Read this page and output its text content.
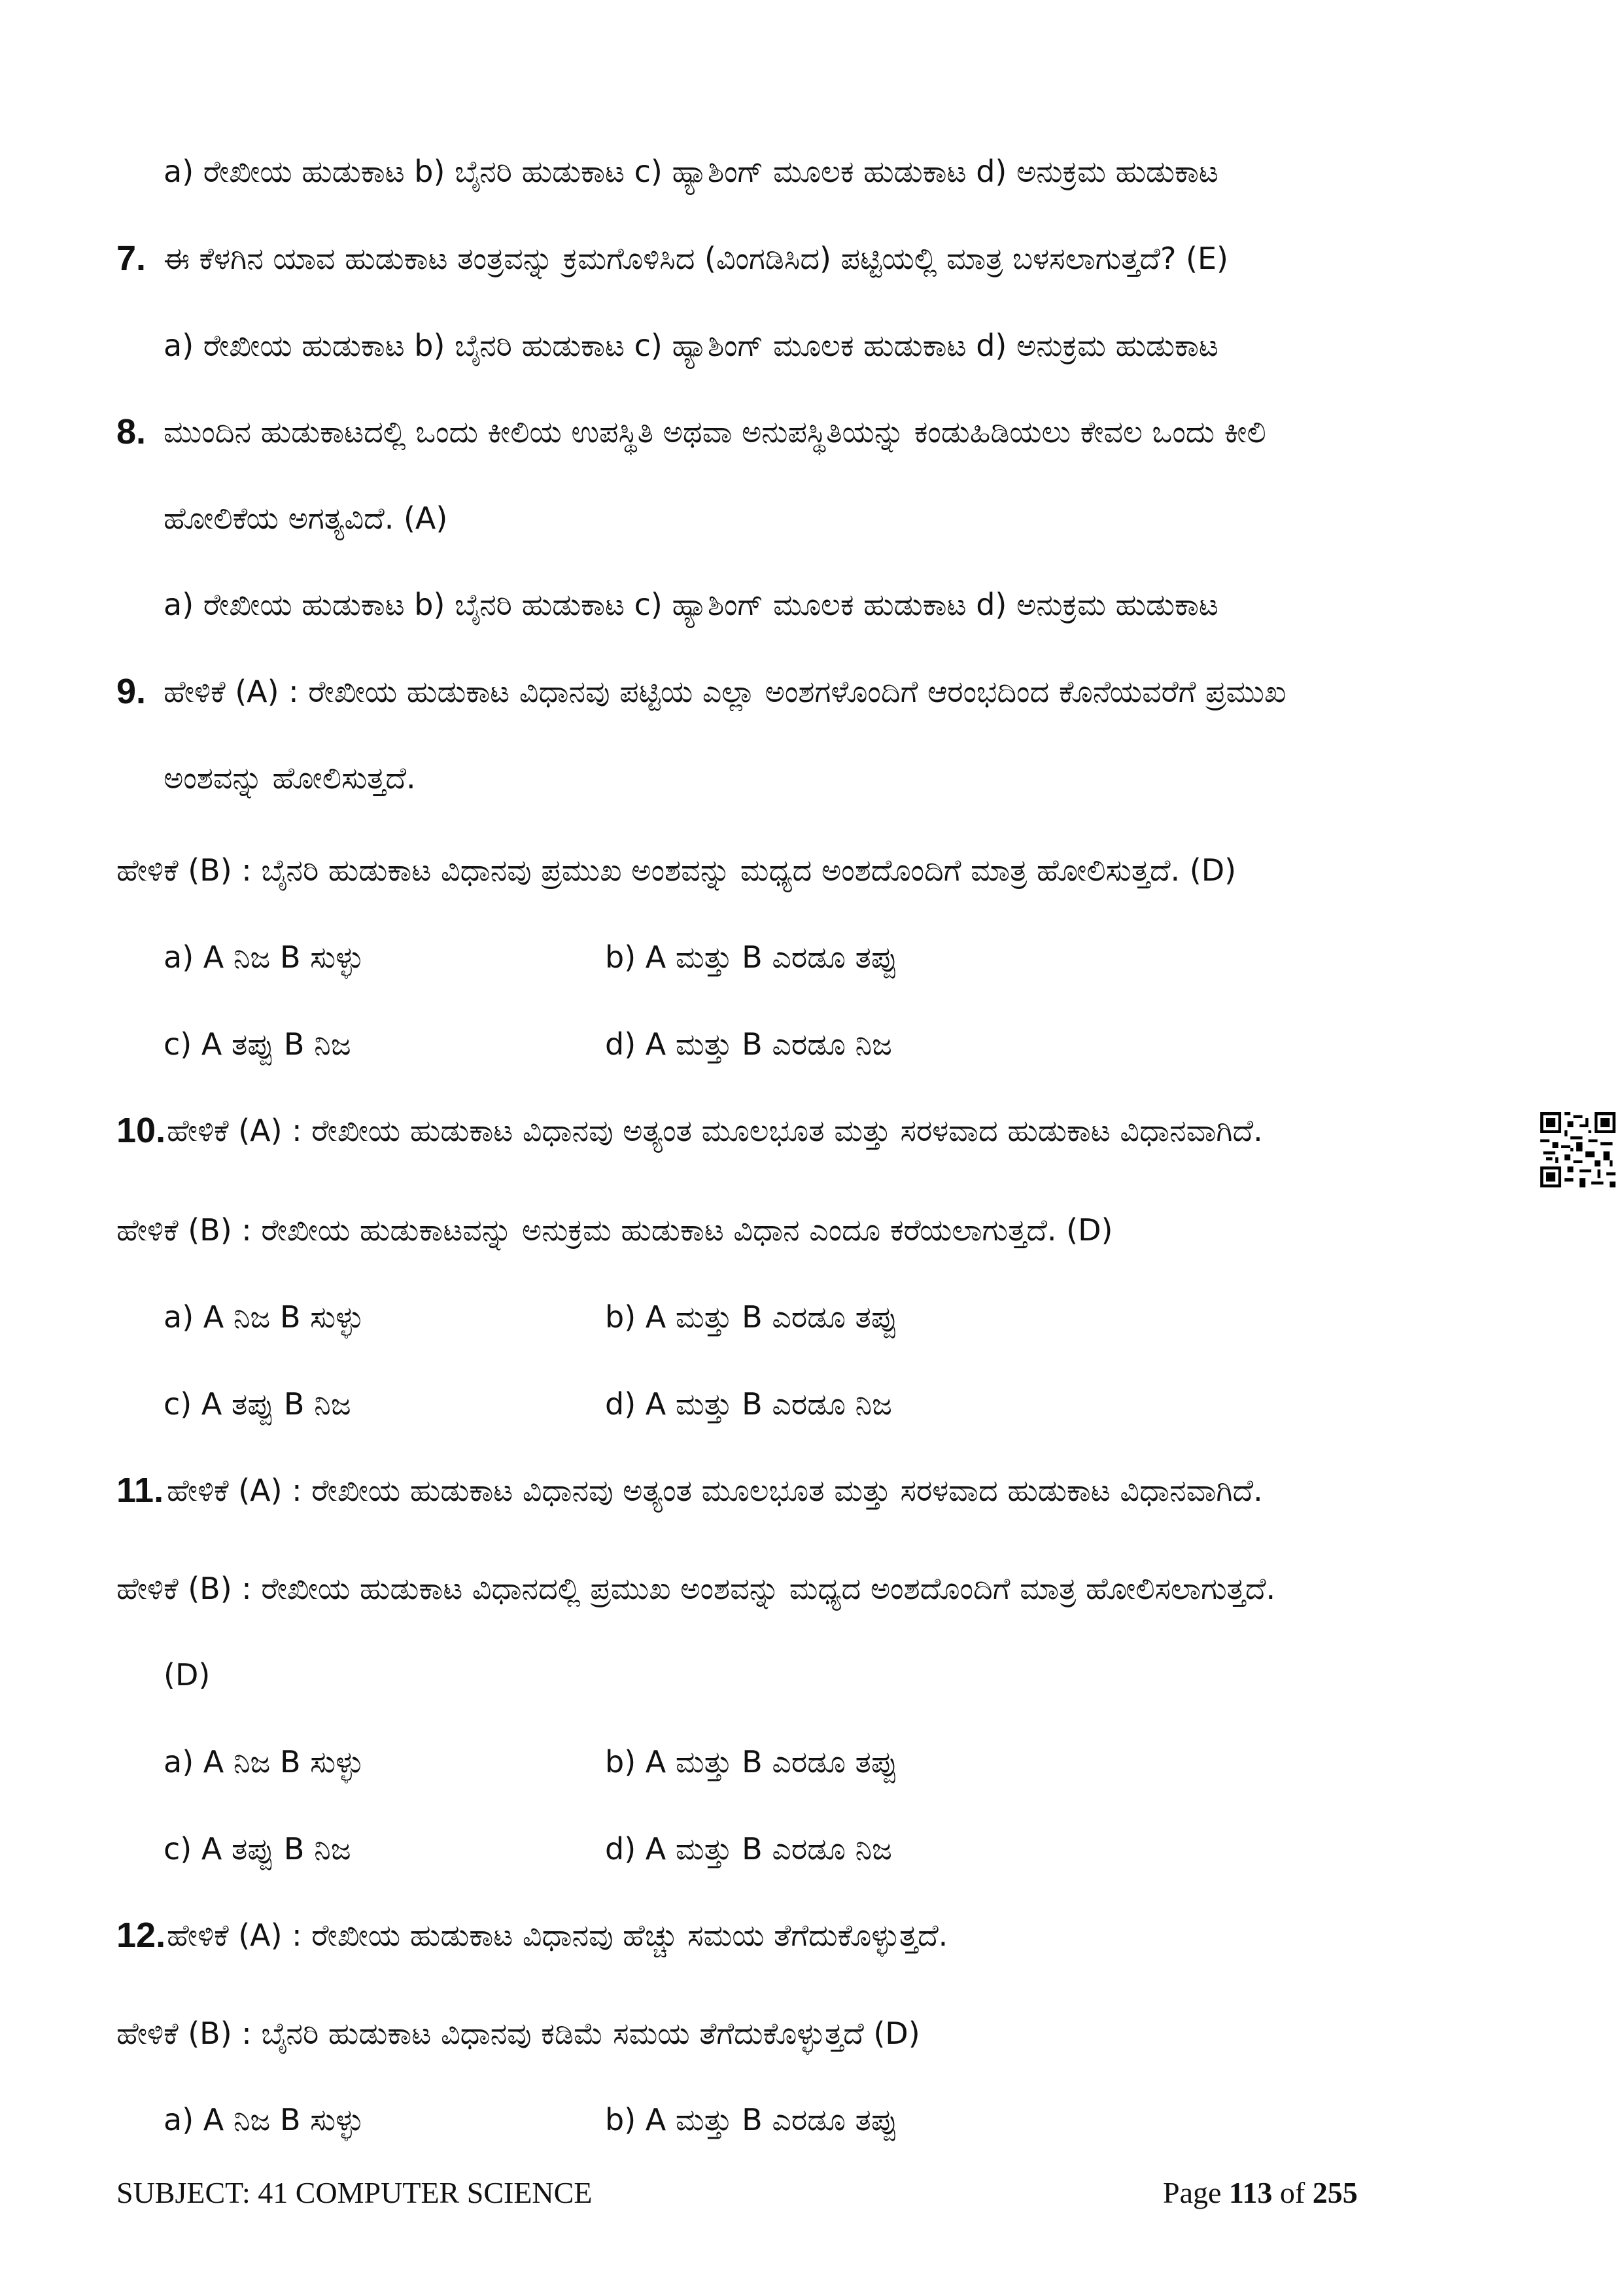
a) ರೇಖೀಯ ಹುಡುಕಾಟ b) ಬೈನರಿ ಹುಡುಕಾಟ c) ಹ್ಯಾಶಿಂಗ್ ಮೂಲಕ ಹುಡುಕಾಟ d) ಅನುಕ್ರಮ ಹುಡುಕಾಟ
7. ಈ ಕೆಳಗಿನ ಯಾವ ಹುಡುಕಾಟ ತಂತ್ರವನ್ನು ಕ್ರಮಗೊಳಿಸಿದ (ವಿಂಗಡಿಸಿದ) ಪಟ್ಟಿಯಲ್ಲಿ ಮಾತ್ರ ಬಳಸಲಾಗುತ್ತದೆ? (E)
a) ರೇಖೀಯ ಹುಡುಕಾಟ b) ಬೈನರಿ ಹುಡುಕಾಟ c) ಹ್ಯಾಶಿಂಗ್ ಮೂಲಕ ಹುಡುಕಾಟ d) ಅನುಕ್ರಮ ಹುಡುಕಾಟ
8. ಮುಂದಿನ ಹುಡುಕಾಟದಲ್ಲಿ ಒಂದು ಕೀಲಿಯ ಉಪಸ್ಥಿತಿ ಅಥವಾ ಅನುಪಸ್ಥಿತಿಯನ್ನು ಕಂಡುಹಿಡಿಯಲು ಕೇವಲ ಒಂದು ಕೀಲಿ
ಹೋಲಿಕೆಯ ಅಗತ್ಯವಿದೆ. (A)
a) ರೇಖೀಯ ಹುಡುಕಾಟ b) ಬೈನರಿ ಹುಡುಕಾಟ c) ಹ್ಯಾಶಿಂಗ್ ಮೂಲಕ ಹುಡುಕಾಟ d) ಅನುಕ್ರಮ ಹುಡುಕಾಟ
9. ಹೇಳಿಕೆ (A) : ರೇಖೀಯ ಹುಡುಕಾಟ ವಿಧಾನವು ಪಟ್ಟಿಯ ಎಲ್ಲಾ ಅಂಶಗಳೊಂದಿಗೆ ಆರಂಭದಿಂದ ಕೊನೆಯವರೆಗೆ ಪ್ರಮುಖ
ಅಂಶವನ್ನು ಹೋಲಿಸುತ್ತದೆ.
ಹೇಳಿಕೆ (B) : ಬೈನರಿ ಹುಡುಕಾಟ ವಿಧಾನವು ಪ್ರಮುಖ ಅಂಶವನ್ನು ಮಧ್ಯದ ಅಂಶದೊಂದಿಗೆ ಮಾತ್ರ ಹೋಲಿಸುತ್ತದೆ. (D)
a) A ನಿಜ B ಸುಳ್ಳು	b) A ಮತ್ತು B ಎರಡೂ ತಪ್ಪು
c) A ತಪ್ಪು B ನಿಜ	d) A ಮತ್ತು B ಎರಡೂ ನಿಜ
10. ಹೇಳಿಕೆ (A) : ರೇಖೀಯ ಹುಡುಕಾಟ ವಿಧಾನವು ಅತ್ಯಂತ ಮೂಲಭೂತ ಮತ್ತು ಸರಳವಾದ ಹುಡುಕಾಟ ವಿಧಾನವಾಗಿದೆ.
ಹೇಳಿಕೆ (B) : ರೇಖೀಯ ಹುಡುಕಾಟವನ್ನು ಅನುಕ್ರಮ ಹುಡುಕಾಟ ವಿಧಾನ ಎಂದೂ ಕರೆಯಲಾಗುತ್ತದೆ. (D)
a) A ನಿಜ B ಸುಳ್ಳು	b) A ಮತ್ತು B ಎರಡೂ ತಪ್ಪು
c) A ತಪ್ಪು B ನಿಜ	d) A ಮತ್ತು B ಎರಡೂ ನಿಜ
11. ಹೇಳಿಕೆ (A) : ರೇಖೀಯ ಹುಡುಕಾಟ ವಿಧಾನವು ಅತ್ಯಂತ ಮೂಲಭೂತ ಮತ್ತು ಸರಳವಾದ ಹುಡುಕಾಟ ವಿಧಾನವಾಗಿದೆ.
ಹೇಳಿಕೆ (B) : ರೇಖೀಯ ಹುಡುಕಾಟ ವಿಧಾನದಲ್ಲಿ ಪ್ರಮುಖ ಅಂಶವನ್ನು ಮಧ್ಯದ ಅಂಶದೊಂದಿಗೆ ಮಾತ್ರ ಹೋಲಿಸಲಾಗುತ್ತದೆ.
(D)
a) A ನಿಜ B ಸುಳ್ಳು	b) A ಮತ್ತು B ಎರಡೂ ತಪ್ಪು
c) A ತಪ್ಪು B ನಿಜ	d) A ಮತ್ತು B ಎರಡೂ ನಿಜ
12. ಹೇಳಿಕೆ (A) : ರೇಖೀಯ ಹುಡುಕಾಟ ವಿಧಾನವು ಹೆಚ್ಚು ಸಮಯ ತೆಗೆದುಕೊಳ್ಳುತ್ತದೆ.
ಹೇಳಿಕೆ (B) : ಬೈನರಿ ಹುಡುಕಾಟ ವಿಧಾನವು ಕಡಿಮೆ ಸಮಯ ತೆಗೆದುಕೊಳ್ಳುತ್ತದೆ (D)
a) A ನಿಜ B ಸುಳ್ಳು	b) A ಮತ್ತು B ಎರಡೂ ತಪ್ಪು
SUBJECT: 41 COMPUTER SCIENCE	Page 113 of 255
